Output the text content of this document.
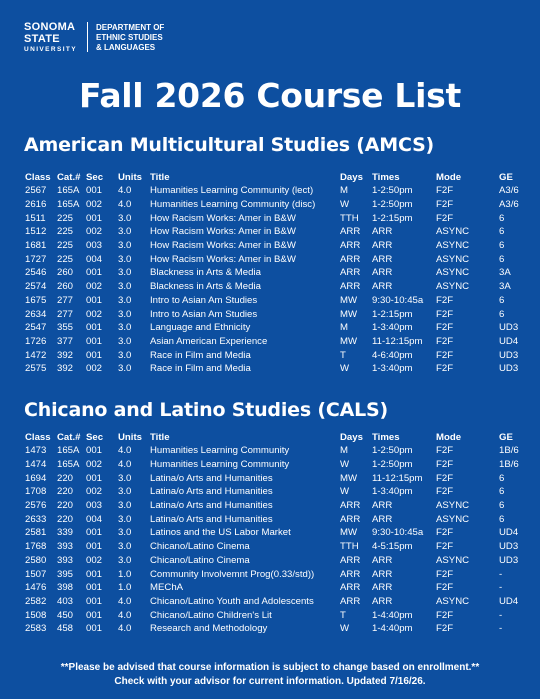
SONOMA
STATE
UNIVERSITY
DEPARTMENT OF
ETHNIC STUDIES
& LANGUAGES
Fall 2026 Course List
American Multicultural Studies (AMCS)
Class	Cat.#	Sec	Units	Title	Days	Times	Mode	GE
2567	165A	001	4.0	Humanities Learning Community (lect)	M	1-2:50pm	F2F	A3/6
2616	165A	002	4.0	Humanities Learning Community (disc)	W	1-2:50pm	F2F	A3/6
1511	225	001	3.0	How Racism Works: Amer in B&W	TTH	1-2:15pm	F2F	6
1512	225	002	3.0	How Racism Works: Amer in B&W	ARR	ARR	ASYNC	6
1681	225	003	3.0	How Racism Works: Amer in B&W	ARR	ARR	ASYNC	6
1727	225	004	3.0	How Racism Works: Amer in B&W	ARR	ARR	ASYNC	6
2546	260	001	3.0	Blackness in Arts & Media	ARR	ARR	ASYNC	3A
2574	260	002	3.0	Blackness in Arts & Media	ARR	ARR	ASYNC	3A
1675	277	001	3.0	Intro to Asian Am Studies	MW	9:30-10:45a	F2F	6
2634	277	002	3.0	Intro to Asian Am Studies	MW	1-2:15pm	F2F	6
2547	355	001	3.0	Language and Ethnicity	M	1-3:40pm	F2F	UD3
1726	377	001	3.0	Asian American Experience	MW	11-12:15pm	F2F	UD4
1472	392	001	3.0	Race in Film and Media	T	4-6:40pm	F2F	UD3
2575	392	002	3.0	Race in Film and Media	W	1-3:40pm	F2F	UD3
Chicano and Latino Studies (CALS)
Class	Cat.#	Sec	Units	Title	Days	Times	Mode	GE
1473	165A	001	4.0	Humanities Learning Community	M	1-2:50pm	F2F	1B/6
1474	165A	002	4.0	Humanities Learning Community	W	1-2:50pm	F2F	1B/6
1694	220	001	3.0	Latina/o Arts and Humanities	MW	11-12:15pm	F2F	6
1708	220	002	3.0	Latina/o Arts and Humanities	W	1-3:40pm	F2F	6
2576	220	003	3.0	Latina/o Arts and Humanities	ARR	ARR	ASYNC	6
2633	220	004	3.0	Latina/o Arts and Humanities	ARR	ARR	ASYNC	6
2581	339	001	3.0	Latinos and the US Labor Market	MW	9:30-10:45a	F2F	UD4
1768	393	001	3.0	Chicano/Latino Cinema	TTH	4-5:15pm	F2F	UD3
2580	393	002	3.0	Chicano/Latino Cinema	ARR	ARR	ASYNC	UD3
1507	395	001	1.0	Community Involvemnt Prog(0.33/std))	ARR	ARR	F2F	-
1476	398	001	1.0	MEChA	ARR	ARR	F2F	-
2582	403	001	4.0	Chicano/Latino Youth and Adolescents	ARR	ARR	ASYNC	UD4
1508	450	001	4.0	Chicano/Latino Children's Lit	T	1-4:40pm	F2F	-
2583	458	001	4.0	Research and Methodology	W	1-4:40pm	F2F	-
**Please be advised that course information is subject to change based on enrollment.**
Check with your advisor for current information. Updated 7/16/26.
